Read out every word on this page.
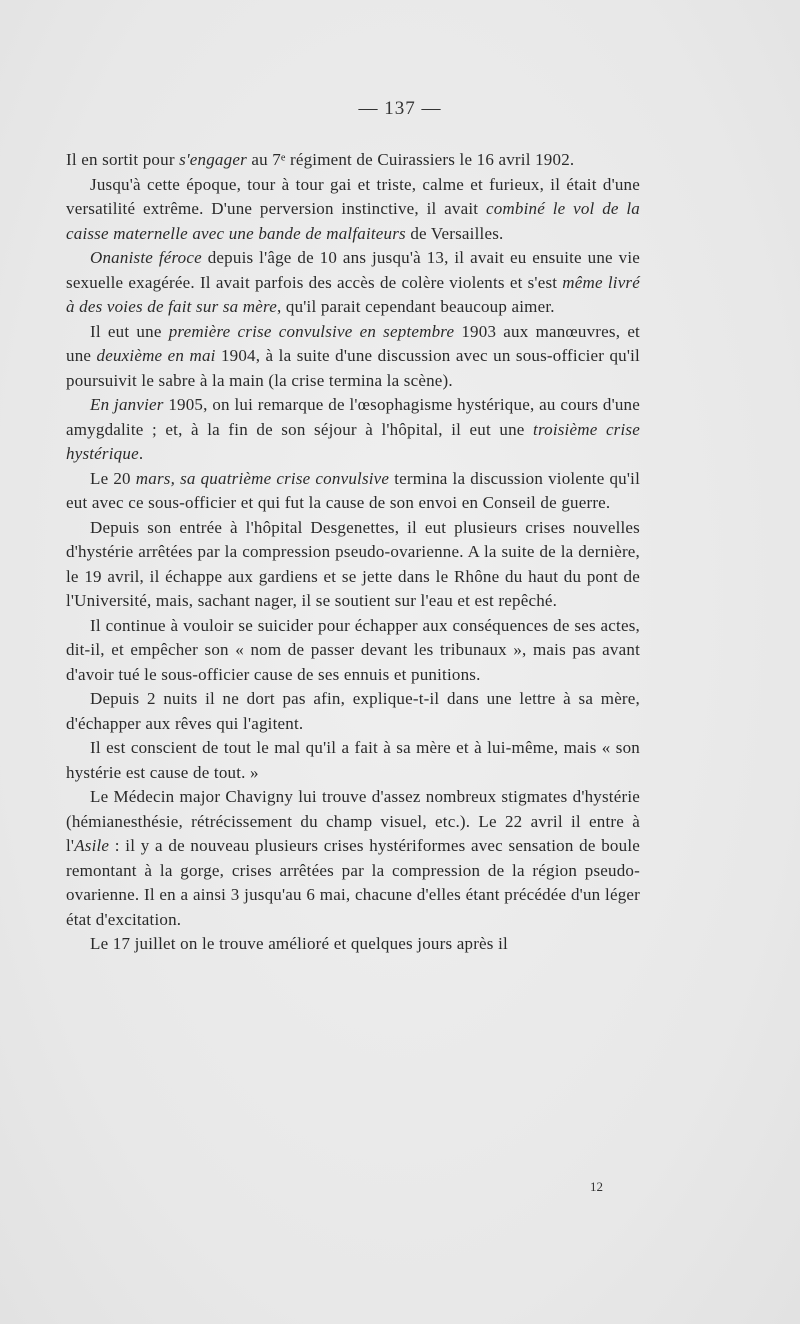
— 137 —

Il en sortit pour s'engager au 7ᵉ régiment de Cuirassiers le 16 avril 1902.

Jusqu'à cette époque, tour à tour gai et triste, calme et furieux, il était d'une versatilité extrême. D'une perversion instinctive, il avait combiné le vol de la caisse maternelle avec une bande de malfaiteurs de Versailles.

Onaniste féroce depuis l'âge de 10 ans jusqu'à 13, il avait eu ensuite une vie sexuelle exagérée. Il avait parfois des accès de colère violents et s'est même livré à des voies de fait sur sa mère, qu'il parait cependant beaucoup aimer.

Il eut une première crise convulsive en septembre 1903 aux manœuvres, et une deuxième en mai 1904, à la suite d'une discussion avec un sous-officier qu'il poursuivit le sabre à la main (la crise termina la scène).

En janvier 1905, on lui remarque de l'œsophagisme hystérique, au cours d'une amygdalite ; et, à la fin de son séjour à l'hôpital, il eut une troisième crise hystérique.

Le 20 mars, sa quatrième crise convulsive termina la discussion violente qu'il eut avec ce sous-officier et qui fut la cause de son envoi en Conseil de guerre.

Depuis son entrée à l'hôpital Desgenettes, il eut plusieurs crises nouvelles d'hystérie arrêtées par la compression pseudo-ovarienne. A la suite de la dernière, le 19 avril, il échappe aux gardiens et se jette dans le Rhône du haut du pont de l'Université, mais, sachant nager, il se soutient sur l'eau et est repêché.

Il continue à vouloir se suicider pour échapper aux conséquences de ses actes, dit-il, et empêcher son « nom de passer devant les tribunaux », mais pas avant d'avoir tué le sous-officier cause de ses ennuis et punitions.

Depuis 2 nuits il ne dort pas afin, explique-t-il dans une lettre à sa mère, d'échapper aux rêves qui l'agitent.

Il est conscient de tout le mal qu'il a fait à sa mère et à lui-même, mais « son hystérie est cause de tout. »

Le Médecin major Chavigny lui trouve d'assez nombreux stigmates d'hystérie (hémianesthésie, rétrécissement du champ visuel, etc.). Le 22 avril il entre à l'Asile : il y a de nouveau plusieurs crises hystériformes avec sensation de boule remontant à la gorge, crises arrêtées par la compression de la région pseudo-ovarienne. Il en a ainsi 3 jusqu'au 6 mai, chacune d'elles étant précédée d'un léger état d'excitation.

Le 17 juillet on le trouve amélioré et quelques jours après il

12
